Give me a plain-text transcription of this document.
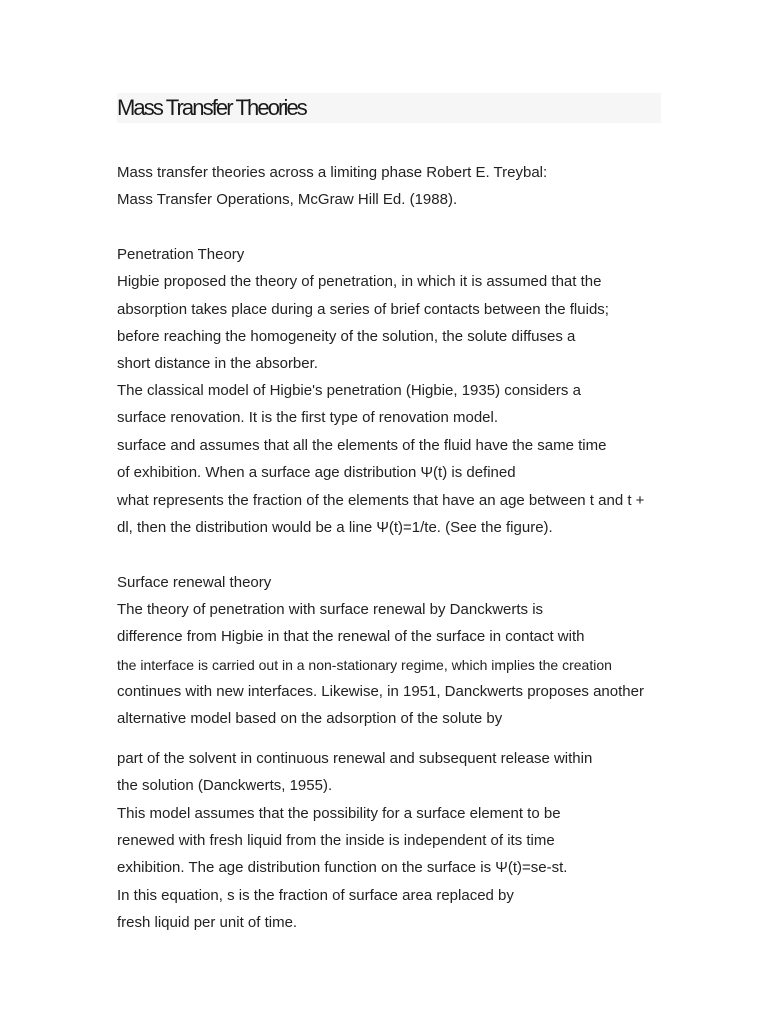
Mass Transfer Theories
Mass transfer theories across a limiting phase Robert E. Treybal:
Mass Transfer Operations, McGraw Hill Ed. (1988).
Penetration Theory
Higbie proposed the theory of penetration, in which it is assumed that the
absorption takes place during a series of brief contacts between the fluids;
before reaching the homogeneity of the solution, the solute diffuses a
short distance in the absorber.
The classical model of Higbie's penetration (Higbie, 1935) considers a
surface renovation. It is the first type of renovation model.
surface and assumes that all the elements of the fluid have the same time
of exhibition. When a surface age distribution Ψ(t) is defined
what represents the fraction of the elements that have an age between t and t +
dl, then the distribution would be a line Ψ(t)=1/te. (See the figure).
Surface renewal theory
The theory of penetration with surface renewal by Danckwerts is
difference from Higbie in that the renewal of the surface in contact with
the interface is carried out in a non-stationary regime, which implies the creation
continues with new interfaces. Likewise, in 1951, Danckwerts proposes another
alternative model based on the adsorption of the solute by
part of the solvent in continuous renewal and subsequent release within
the solution (Danckwerts, 1955).
This model assumes that the possibility for a surface element to be
renewed with fresh liquid from the inside is independent of its time
exhibition. The age distribution function on the surface is Ψ(t)=se-st.
In this equation, s is the fraction of surface area replaced by
fresh liquid per unit of time.
